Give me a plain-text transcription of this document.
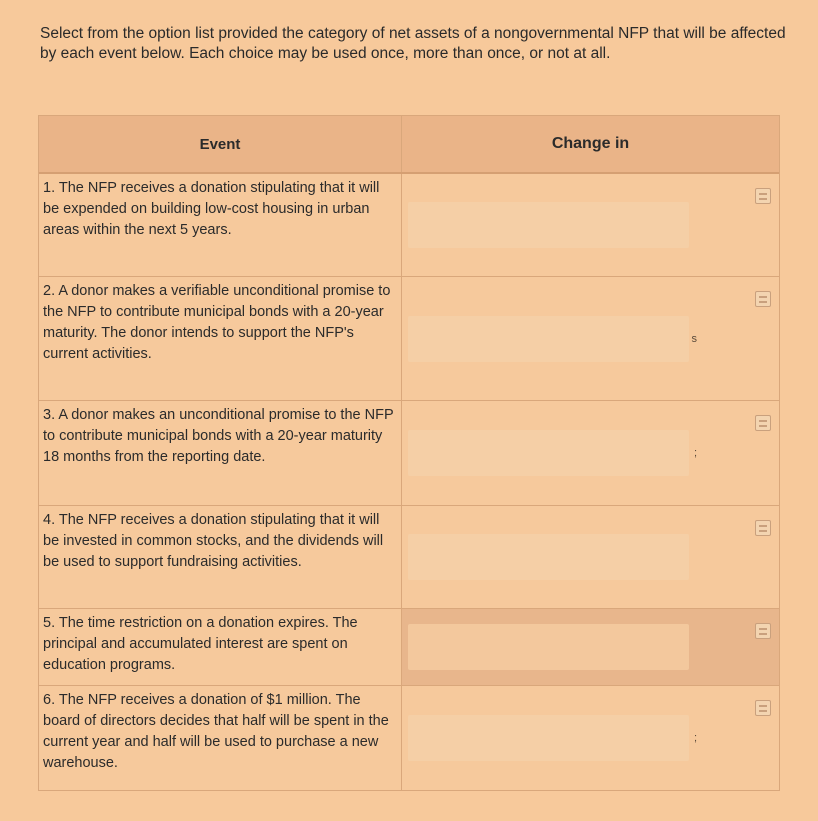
Select from the option list provided the category of net assets of a nongovernmental NFP that will be affected by each event below. Each choice may be used once, more than once, or not at all.
Event	Change in
1. The NFP receives a donation stipulating that it will be expended on building low-cost housing in urban areas within the next 5 years.
2. A donor makes a verifiable unconditional promise to the NFP to contribute municipal bonds with a 20-year maturity. The donor intends to support the NFP's current activities.
s
3. A donor makes an unconditional promise to the NFP to contribute municipal bonds with a 20-year maturity 18 months from the reporting date.	;
4. The NFP receives a donation stipulating that it will be invested in common stocks, and the dividends will be used to support fundraising activities.
5. The time restriction on a donation expires. The principal and accumulated interest are spent on education programs.
6. The NFP receives a donation of $1 million. The board of directors decides that half will be spent in the current year and half will be used to purchase a new warehouse.
;
